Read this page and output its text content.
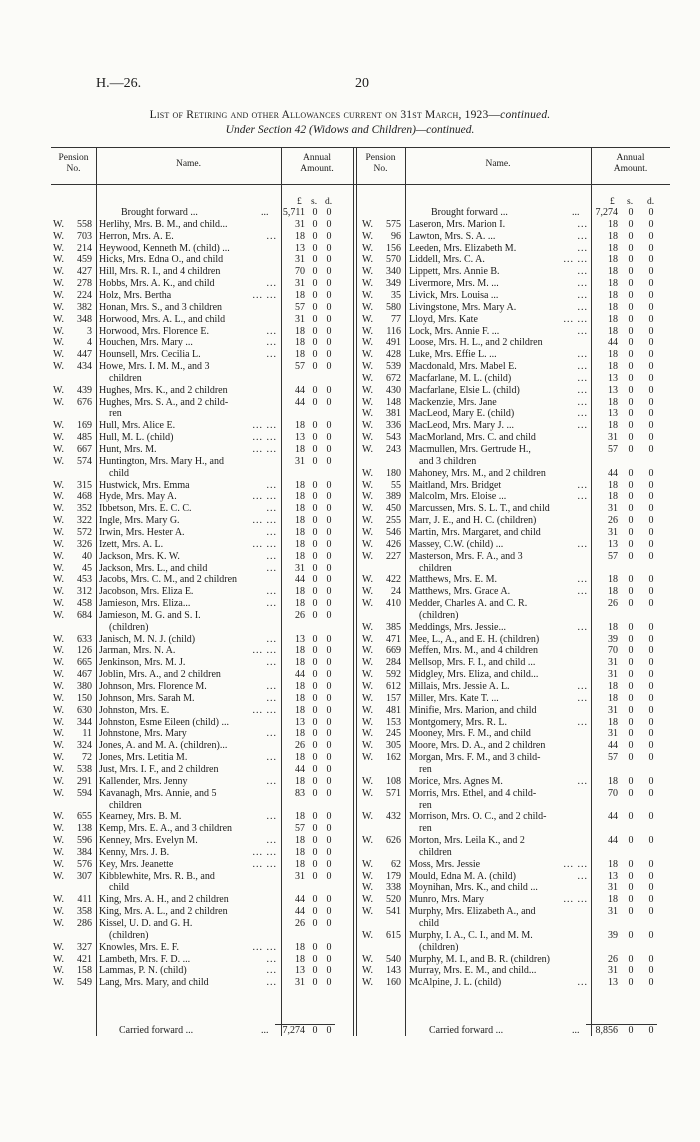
H.—26.	20
List of Retiring and other Allowances current on 31st March, 1923—continued.
Under Section 42 (Widows and Children)—continued.
Pension
No.	Name.
Annual
Amount.
Pension
No.	Name.
Annual
Amount.
£ s. d.	£ s. d.
Brought forward ...	...	5,711 0 0
W.	558 Herlihy, Mrs. B. M., and child...	31 0 0
W.	703 Herron, Mrs. A. E.	...	18 0 0
W.	214 Heywood, Kenneth M. (child) ...	13 0 0
W.	459 Hicks, Mrs. Edna O., and child	31 0 0
W.	427 Hill, Mrs. R. I., and 4 children	70 0 0
W.	278 Hobbs, Mrs. A. K., and child	...	31 0 0
W.	224 Holz, Mrs. Bertha	... ...	18 0 0
W.	382 Honan, Mrs. S., and 3 children	57 0 0
W.	348 Horwood, Mrs. A. L., and child	31 0 0
W.	3 Horwood, Mrs. Florence E.	...	18 0 0
W.	4 Houchen, Mrs. Mary ...	...	18 0 0
W.	447 Hounsell, Mrs. Cecilia L.	...	18 0 0
W.	434 Howe, Mrs. I. M. M., and 3	57 0 0
children
W.	439 Hughes, Mrs. K., and 2 children	44 0 0
W.	676 Hughes, Mrs. S. A., and 2 child-	44 0 0
ren
W.	169 Hull, Mrs. Alice E.	... ...	18 0 0
W.	485 Hull, M. L. (child)	... ...	13 0 0
W.	667 Hunt, Mrs. M.	... ...	18 0 0
W.	574 Huntington, Mrs. Mary H., and	31 0 0
child
W.	315 Hustwick, Mrs. Emma	...	18 0 0
W.	468 Hyde, Mrs. May A.	... ...	18 0 0
W.	352 Ibbetson, Mrs. E. C. C.	...	18 0 0
W.	322 Ingle, Mrs. Mary G.	... ...	18 0 0
W.	572 Irwin, Mrs. Hester A.	...	18 0 0
W.	326 Izett, Mrs. A. L.	... ...	18 0 0
W.	40 Jackson, Mrs. K. W.	...	18 0 0
W.	45 Jackson, Mrs. L., and child	...	31 0 0
W.	453 Jacobs, Mrs. C. M., and 2 children	44 0 0
W.	312 Jacobson, Mrs. Eliza E.	...	18 0 0
W.	458 Jamieson, Mrs. Eliza...	...	18 0 0
W.	684 Jamieson, M. G. and S. I.	26 0 0
(children)
W.	633 Janisch, M. N. J. (child)	...	13 0 0
W.	126 Jarman, Mrs. N. A.	... ...	18 0 0
W.	665 Jenkinson, Mrs. M. J.	...	18 0 0
W.	467 Joblin, Mrs. A., and 2 children	44 0 0
W.	380 Johnson, Mrs. Florence M.	...	18 0 0
W.	150 Johnson, Mrs. Sarah M.	...	18 0 0
W.	630 Johnston, Mrs. E.	... ...	18 0 0
W.	344 Johnston, Esme Eileen (child) ...	13 0 0
W.	11 Johnstone, Mrs. Mary	...	18 0 0
W.	324 Jones, A. and M. A. (children)...	26 0 0
W.	72 Jones, Mrs. Letitia M.	...	18 0 0
W.	538 Just, Mrs. I. F., and 2 children	44 0 0
W.	291 Kallender, Mrs. Jenny	...	18 0 0
W.	594 Kavanagh, Mrs. Annie, and 5	83 0 0
children
W.	655 Kearney, Mrs. B. M.	...	18 0 0
W.	138 Kemp, Mrs. E. A., and 3 children	57 0 0
W.	596 Kenney, Mrs. Evelyn M.	...	18 0 0
W.	384 Kenny, Mrs. J. B.	... ...	18 0 0
W.	576 Key, Mrs. Jeanette	... ...	18 0 0
W.	307 Kibblewhite, Mrs. R. B., and	31 0 0
child
W.	411 King, Mrs. A. H., and 2 children	44 0 0
W.	358 King, Mrs. A. L., and 2 children	44 0 0
W.	286 Kissel, U. D. and G. H.	26 0 0
(children)
W.	327 Knowles, Mrs. E. F.	... ...	18 0 0
W.	421 Lambeth, Mrs. F. D. ...	...	18 0 0
W.	158 Lammas, P. N. (child)	...	13 0 0
W.	549 Lang, Mrs. Mary, and child	...	31 0 0
Carried forward ...	...	7,274 0 0
Brought forward ...	...	7,274 0 0
W.	575 Laseron, Mrs. Marion I.	...	18 0 0
W.	96 Lawton, Mrs. S. A. ...	...	18 0 0
W.	156 Leeden, Mrs. Elizabeth M.	...	18 0 0
W.	570 Liddell, Mrs. C. A.	... ...	18 0 0
W.	340 Lippett, Mrs. Annie B.	...	18 0 0
W.	349 Livermore, Mrs. M. ...	...	18 0 0
W.	35 Livick, Mrs. Louisa ...	...	18 0 0
W.	580 Livingstone, Mrs. Mary A.	...	18 0 0
W.	77 Lloyd, Mrs. Kate	... ...	18 0 0
W.	116 Lock, Mrs. Annie F. ...	...	18 0 0
W.	491 Loose, Mrs. H. L., and 2 children	44 0 0
W.	428 Luke, Mrs. Effie L. ...	...	18 0 0
W.	539 Macdonald, Mrs. Mabel E.	...	18 0 0
W.	672 Macfarlane, M. L. (child)	...	13 0 0
W.	430 Macfarlane, Elsie L. (child)	...	13 0 0
W.	148 Mackenzie, Mrs. Jane	...	18 0 0
W.	381 MacLeod, Mary E. (child)	...	13 0 0
W.	336 MacLeod, Mrs. Mary J. ...	...	18 0 0
W.	543 MacMorland, Mrs. C. and child	31 0 0
W.	243 Macmullen, Mrs. Gertrude H.,	57 0 0
and 3 children
W.	180 Mahoney, Mrs. M., and 2 children	44 0 0
W.	55 Maitland, Mrs. Bridget	...	18 0 0
W.	389 Malcolm, Mrs. Eloise ...	...	18 0 0
W.	450 Marcussen, Mrs. S. L. T., and child	31 0 0
W.	255 Marr, J. E., and H. C. (children)	26 0 0
W.	546 Martin, Mrs. Margaret, and child	31 0 0
W.	426 Massey, C.W. (child) ...	...	13 0 0
W.	227 Masterson, Mrs. F. A., and 3	57 0 0
children
W.	422 Matthews, Mrs. E. M.	...	18 0 0
W.	24 Matthews, Mrs. Grace A.	...	18 0 0
W.	410 Medder, Charles A. and C. R.	26 0 0
(children)
W.	385 Meddings, Mrs. Jessie...	...	18 0 0
W.	471 Mee, L., A., and E. H. (children)	39 0 0
W.	669 Meffen, Mrs. M., and 4 children	70 0 0
W.	284 Mellsop, Mrs. F. I., and child ...	31 0 0
W.	592 Midgley, Mrs. Eliza, and child...	31 0 0
W.	612 Millais, Mrs. Jessie A. L.	...	18 0 0
W.	157 Miller, Mrs. Kate T. ...	...	18 0 0
W.	481 Minifie, Mrs. Marion, and child	31 0 0
W.	153 Montgomery, Mrs. R. L.	...	18 0 0
W.	245 Mooney, Mrs. F. M., and child	31 0 0
W.	305 Moore, Mrs. D. A., and 2 children	44 0 0
W.	162 Morgan, Mrs. F. M., and 3 child-	57 0 0
ren
W.	108 Morice, Mrs. Agnes M.	...	18 0 0
W.	571 Morris, Mrs. Ethel, and 4 child-	70 0 0
ren
W.	432 Morrison, Mrs. O. C., and 2 child-	44 0 0
ren
W.	626 Morton, Mrs. Leila K., and 2	44 0 0
children
W.	62 Moss, Mrs. Jessie	... ...	18 0 0
W.	179 Mould, Edna M. A. (child)	...	13 0 0
W.	338 Moynihan, Mrs. K., and child ...	31 0 0
W.	520 Munro, Mrs. Mary	... ...	18 0 0
W.	541 Murphy, Mrs. Elizabeth A., and	31 0 0
child
W.	615 Murphy, I. A., C. I., and M. M.	39 0 0
(children)
W.	540 Murphy, M. I., and B. R. (children)	26 0 0
W.	143 Murray, Mrs. E. M., and child...	31 0 0
W.	160 McAlpine, J. L. (child)	...	13 0 0
Carried forward ...	...	8,856 0 0
